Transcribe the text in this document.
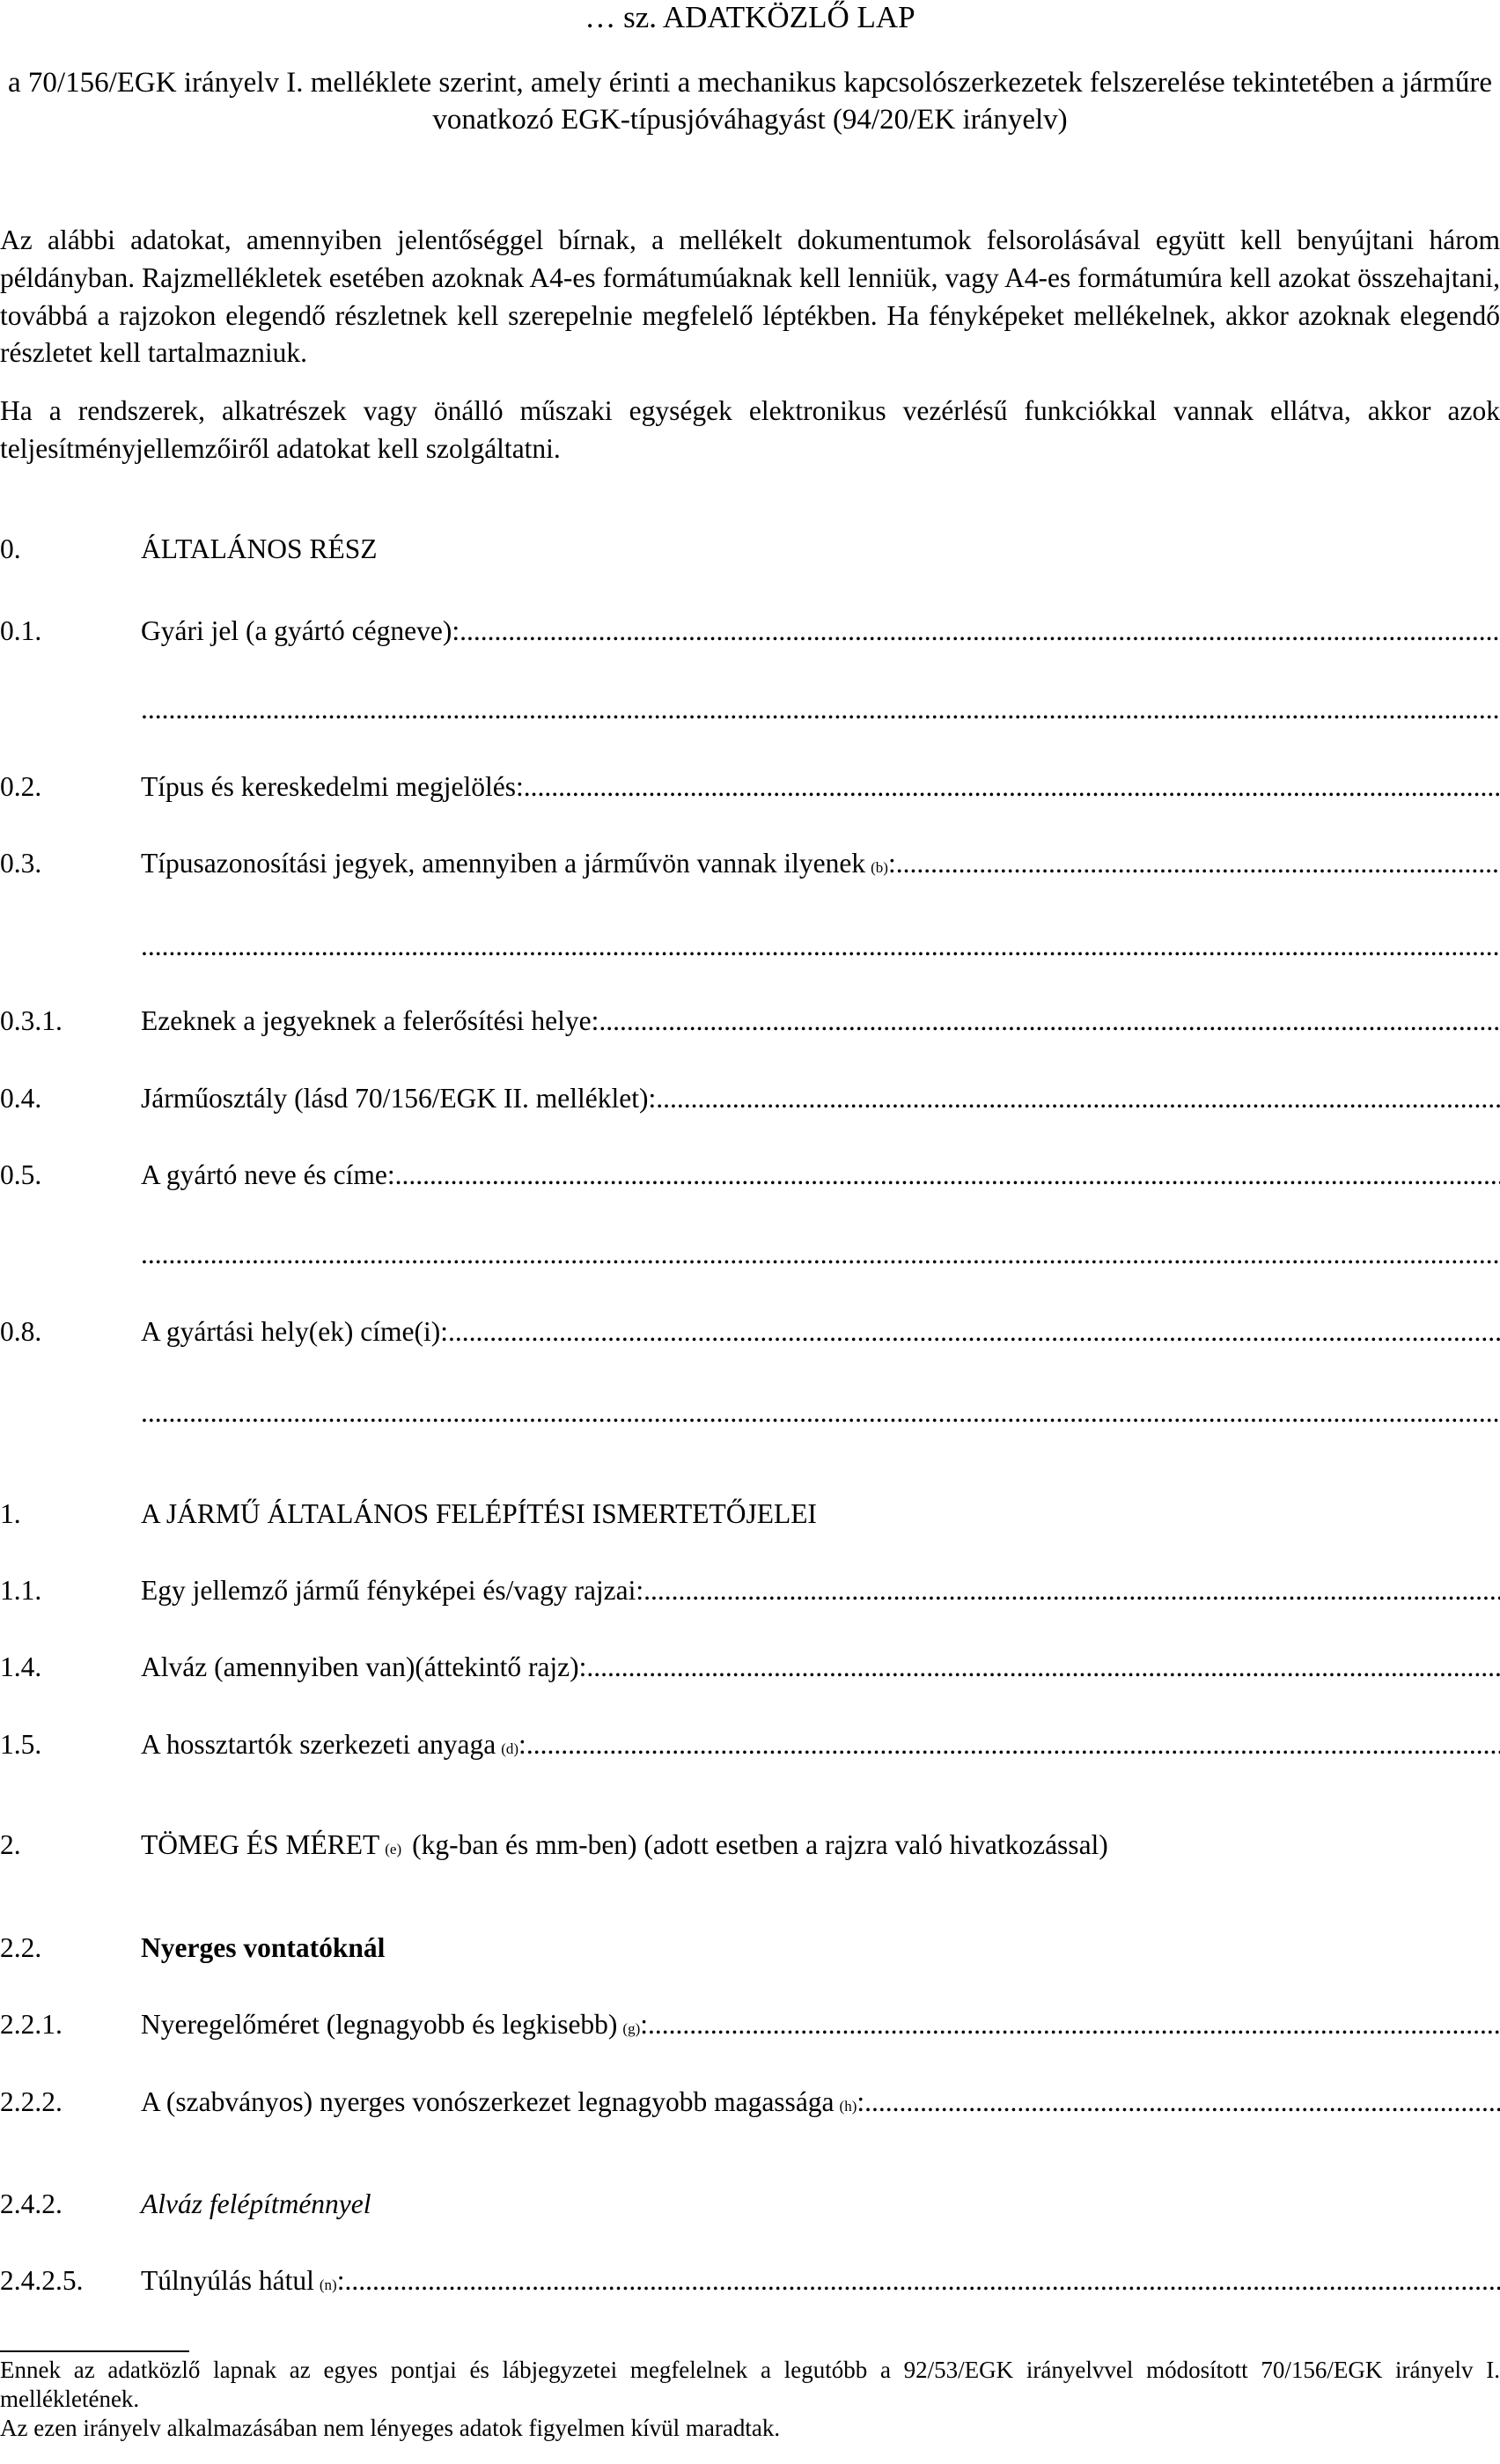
… sz. ADATKÖZLŐ LAP
a 70/156/EGK irányelv I. melléklete szerint, amely érinti a mechanikus kapcsolószerkezetek felszerelése tekintetében a járműre vonatkozó EGK-típusjóváhagyást (94/20/EK irányelv)
Az alábbi adatokat, amennyiben jelentőséggel bírnak, a mellékelt dokumentumok felsorolásával együtt kell benyújtani három példányban. Rajzmellékletek esetében azoknak A4-es formátumúaknak kell lenniük, vagy A4-es formátumúra kell azokat összehajtani, továbbá a rajzokon elegendő részletnek kell szerepelnie megfelelő léptékben. Ha fényképeket mellékelnek, akkor azoknak elegendő részletet kell tartalmazniuk.
Ha a rendszerek, alkatrészek vagy önálló műszaki egységek elektronikus vezérlésű funkciókkal vannak ellátva, akkor azok teljesítményjellemzőiről adatokat kell szolgáltatni.
0.	ÁLTALÁNOS RÉSZ
0.1.	Gyári jel (a gyártó cégneve):
.....
.....
0.2.	Típus és kereskedelmi megjelölés:
.....
0.3.	Típusazonosítási jegyek, amennyiben a járművön vannak ilyenek (b) :
.....
.....
0.3.1.	Ezeknek a jegyeknek a felerősítési helye:
.....
0.4.	Járműosztály (lásd 70/156/EGK II. melléklet):
.....
0.5.	A gyártó neve és címe:
.....
.....
0.8.	A gyártási hely(ek) címe(i):
.....
.....
1.	A JÁRMŰ ÁLTALÁNOS FELÉPÍTÉSI ISMERTETŐJELEI
1.1.	Egy jellemző jármű fényképei és/vagy rajzai:
.....
1.4.	Alváz (amennyiben van)(áttekintő rajz):
.....
1.5.	A hossztartók szerkezeti anyaga (d) :
.....
2.	TÖMEG ÉS MÉRET (e) (kg-ban és mm-ben) (adott esetben a rajzra való hivatkozással)
2.2.	Nyerges vontatóknál
2.2.1.	Nyeregelőméret (legnagyobb és legkisebb) (g) :
.....
2.2.2.	A (szabványos) nyerges vonószerkezet legnagyobb magassága (h) :
.....
2.4.2.	Alváz felépítménnyel
2.4.2.5. Túlnyúlás hátul (n) :
.....
Ennek az adatközlő lapnak az egyes pontjai és lábjegyzetei megfelelnek a legutóbb a 92/53/EGK irányelvvel módosított 70/156/EGK irányelv I. mellékletének.
Az ezen irányelv alkalmazásában nem lényeges adatok figyelmen kívül maradtak.
